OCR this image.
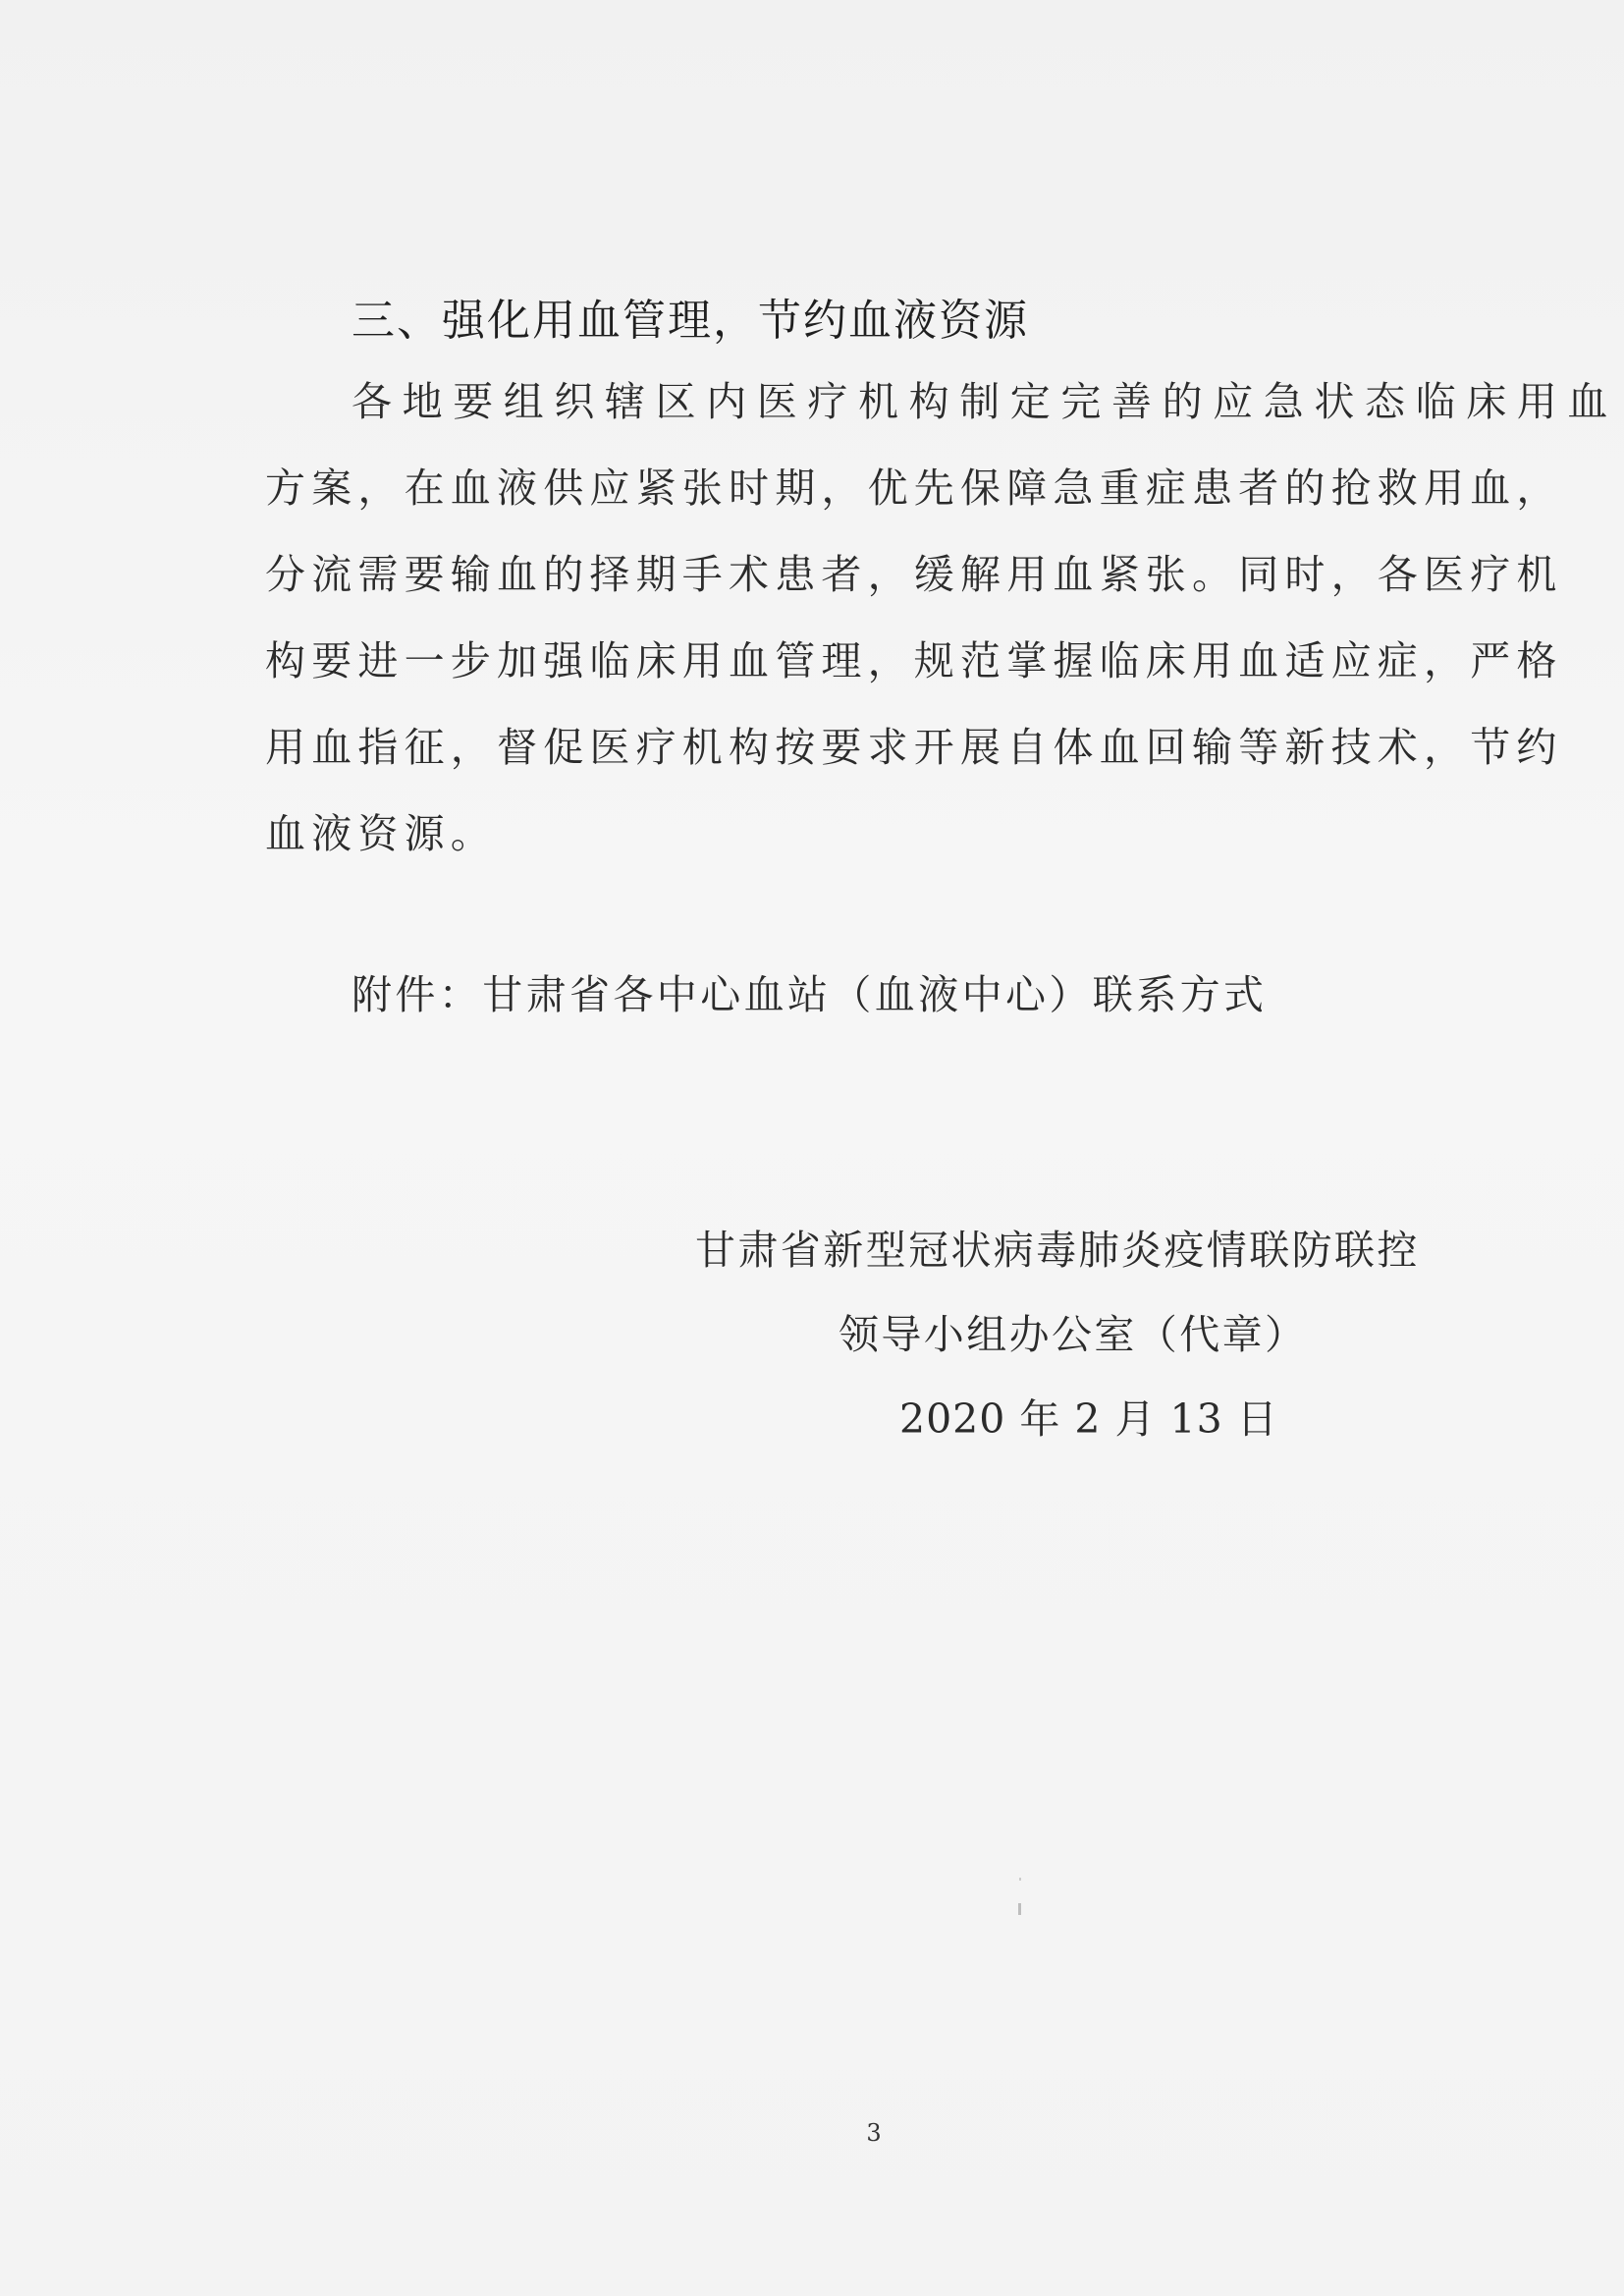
三、强化用血管理，节约血液资源
各地要组织辖区内医疗机构制定完善的应急状态临床用血
方案，在血液供应紧张时期，优先保障急重症患者的抢救用血，
分流需要输血的择期手术患者，缓解用血紧张。同时，各医疗机
构要进一步加强临床用血管理，规范掌握临床用血适应症，严格
用血指征，督促医疗机构按要求开展自体血回输等新技术，节约
血液资源。
附件：甘肃省各中心血站（血液中心）联系方式
甘肃省新型冠状病毒肺炎疫情联防联控
领导小组办公室（代章）
2020 年 2 月 13 日
3
